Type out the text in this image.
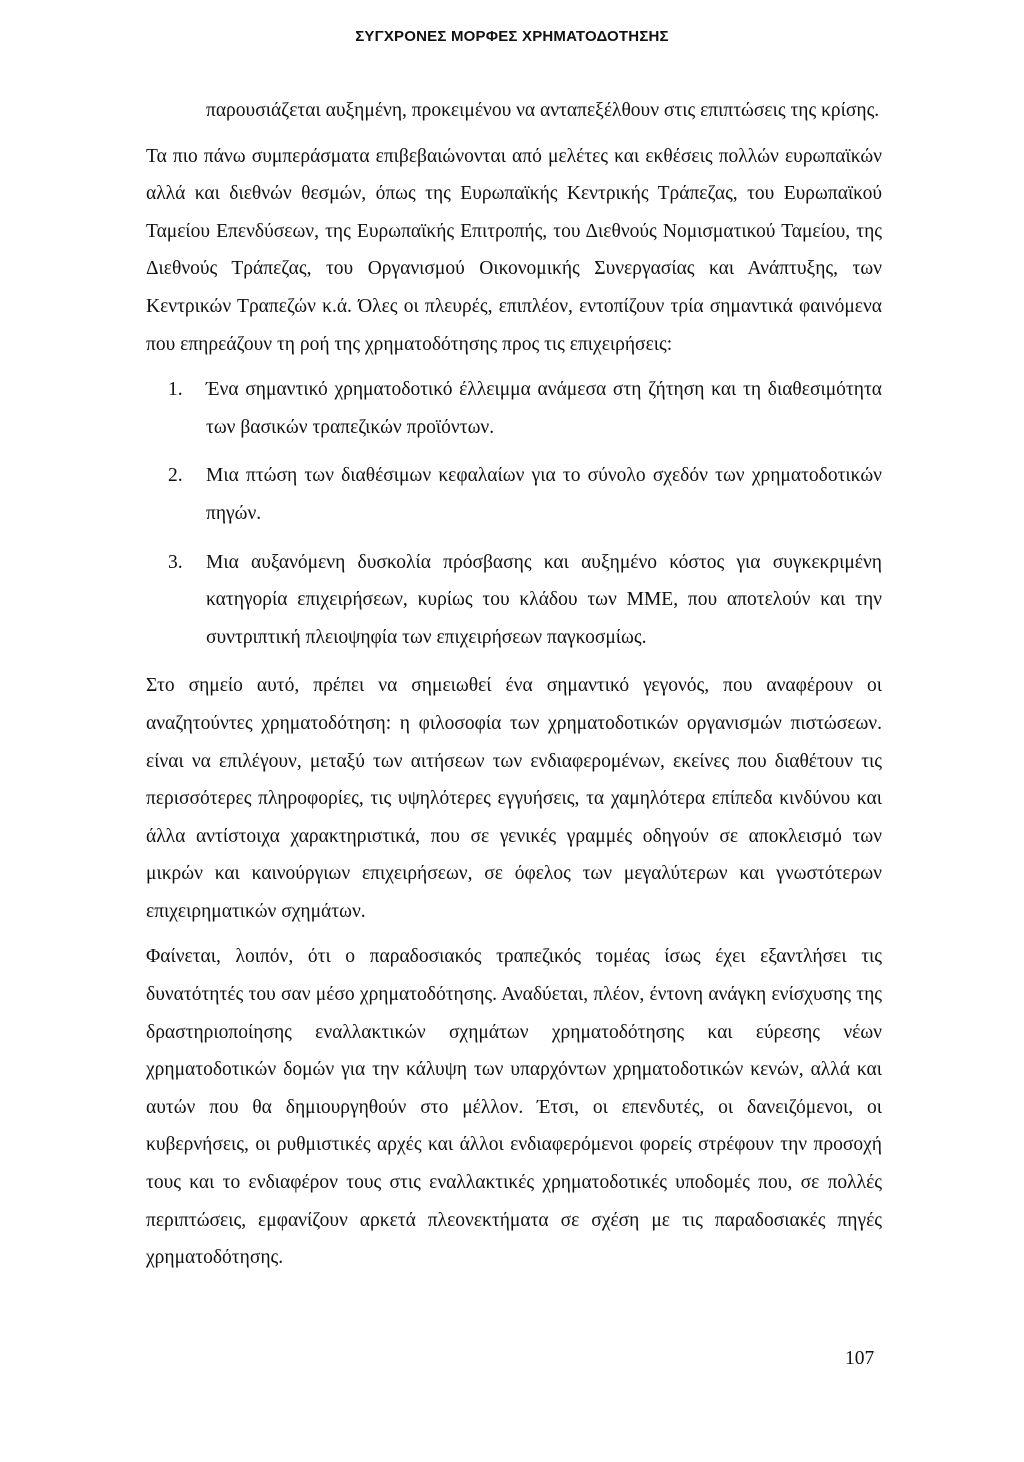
ΣΥΓΧΡΟΝΕΣ ΜΟΡΦΕΣ ΧΡΗΜΑΤΟΔΟΤΗΣΗΣ

παρουσιάζεται αυξημένη, προκειμένου να ανταπεξέλθουν στις επιπτώσεις της κρίσης.

Τα πιο πάνω συμπεράσματα επιβεβαιώνονται από μελέτες και εκθέσεις πολλών ευρωπαϊκών αλλά και διεθνών θεσμών, όπως της Ευρωπαϊκής Κεντρικής Τράπεζας, του Ευρωπαϊκού Ταμείου Επενδύσεων, της Ευρωπαϊκής Επιτροπής, του Διεθνούς Νομισματικού Ταμείου, της Διεθνούς Τράπεζας, του Οργανισμού Οικονομικής Συνεργασίας και Ανάπτυξης, των Κεντρικών Τραπεζών κ.ά. Όλες οι πλευρές, επιπλέον, εντοπίζουν τρία σημαντικά φαινόμενα που επηρεάζουν τη ροή της χρηματοδότησης προς τις επιχειρήσεις:

1. Ένα σημαντικό χρηματοδοτικό έλλειμμα ανάμεσα στη ζήτηση και τη διαθεσιμότητα των βασικών τραπεζικών προϊόντων.
2. Μια πτώση των διαθέσιμων κεφαλαίων για το σύνολο σχεδόν των χρηματοδοτικών πηγών.
3. Μια αυξανόμενη δυσκολία πρόσβασης και αυξημένο κόστος για συγκεκριμένη κατηγορία επιχειρήσεων, κυρίως του κλάδου των ΜΜΕ, που αποτελούν και την συντριπτική πλειοψηφία των επιχειρήσεων παγκοσμίως.

Στο σημείο αυτό, πρέπει να σημειωθεί ένα σημαντικό γεγονός, που αναφέρουν οι αναζητούντες χρηματοδότηση: η φιλοσοφία των χρηματοδοτικών οργανισμών πιστώσεων. είναι να επιλέγουν, μεταξύ των αιτήσεων των ενδιαφερομένων, εκείνες που διαθέτουν τις περισσότερες πληροφορίες, τις υψηλότερες εγγυήσεις, τα χαμηλότερα επίπεδα κινδύνου και άλλα αντίστοιχα χαρακτηριστικά, που σε γενικές γραμμές οδηγούν σε αποκλεισμό των μικρών και καινούργιων επιχειρήσεων, σε όφελος των μεγαλύτερων και γνωστότερων επιχειρηματικών σχημάτων.

Φαίνεται, λοιπόν, ότι ο παραδοσιακός τραπεζικός τομέας ίσως έχει εξαντλήσει τις δυνατότητές του σαν μέσο χρηματοδότησης. Αναδύεται, πλέον, έντονη ανάγκη ενίσχυσης της δραστηριοποίησης εναλλακτικών σχημάτων χρηματοδότησης και εύρεσης νέων χρηματοδοτικών δομών για την κάλυψη των υπαρχόντων χρηματοδοτικών κενών, αλλά και αυτών που θα δημιουργηθούν στο μέλλον. Έτσι, οι επενδυτές, οι δανειζόμενοι, οι κυβερνήσεις, οι ρυθμιστικές αρχές και άλλοι ενδιαφερόμενοι φορείς στρέφουν την προσοχή τους και το ενδιαφέρον τους στις εναλλακτικές χρηματοδοτικές υποδομές που, σε πολλές περιπτώσεις, εμφανίζουν αρκετά πλεονεκτήματα σε σχέση με τις παραδοσιακές πηγές χρηματοδότησης.

107
